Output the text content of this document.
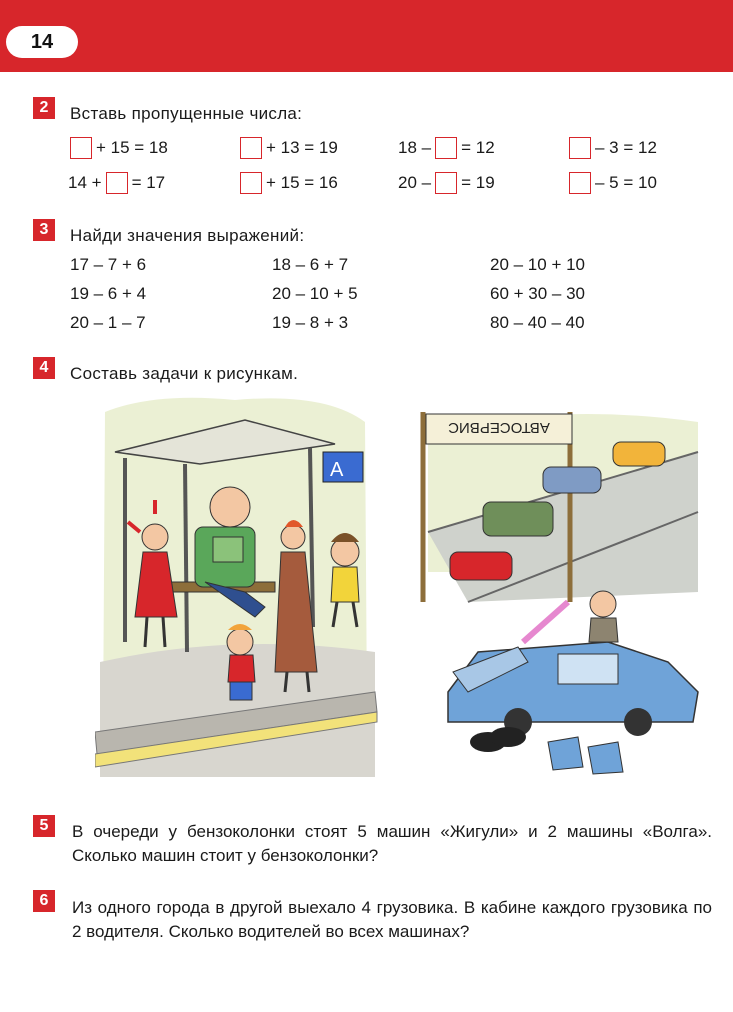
14
2	Вставь пропущенные числа:
+ 15 = 18	+ 13 = 19	18 – = 12	– 3 = 12
14 + = 17	+ 15 = 16	20 – = 19	– 5 = 10
3	Найди значения выражений:
17 – 7 + 6	18 – 6 + 7	20 – 10 + 10
19 – 6 + 4	20 – 10 + 5	60 + 30 – 30
20 – 1 – 7	19 – 8 + 3	80 – 40 – 40
4	Составь задачи к рисункам.
А
АВТОСЕРВИС
5	В очереди у бензоколонки стоят 5 машин «Жигули» и 2 машины «Волга». Сколько машин стоит у бензоколонки?
6	Из одного города в другой выехало 4 грузовика. В кабине каждого грузовика по 2 водителя. Сколько водителей во всех машинах?
